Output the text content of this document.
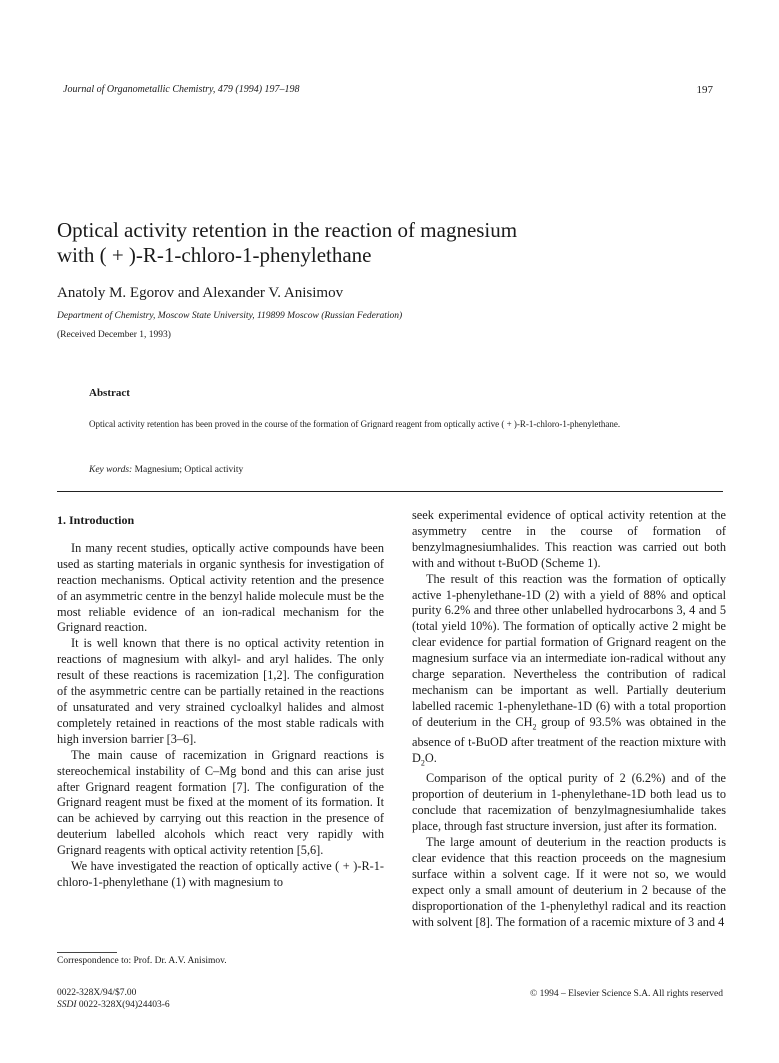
Journal of Organometallic Chemistry, 479 (1994) 197–198	197
Optical activity retention in the reaction of magnesium
with ( + )-R-1-chloro-1-phenylethane
Anatoly M. Egorov and Alexander V. Anisimov
Department of Chemistry, Moscow State University, 119899 Moscow (Russian Federation)
(Received December 1, 1993)
Abstract
Optical activity retention has been proved in the course of the formation of Grignard reagent from optically active ( + )-R-1-chloro-1-phenylethane.
Key words: Magnesium; Optical activity

1. Introduction

In many recent studies, optically active compounds have been used as starting materials in organic synthesis for investigation of reaction mechanisms. Optical activity retention and the presence of an asymmetric centre in the benzyl halide molecule must be the most reliable evidence of an ion-radical mechanism for the Grignard reaction.

It is well known that there is no optical activity retention in reactions of magnesium with alkyl- and aryl halides. The only result of these reactions is racemization [1,2]. The configuration of the asymmetric centre can be partially retained in the reactions of unsaturated and very strained cycloalkyl halides and almost completely retained in reactions of the most stable radicals with high inversion barrier [3–6].

The main cause of racemization in Grignard reactions is stereochemical instability of C–Mg bond and this can arise just after Grignard reagent formation [7]. The configuration of the Grignard reagent must be fixed at the moment of its formation. It can be achieved by carrying out this reaction in the presence of deuterium labelled alcohols which react very rapidly with Grignard reagents with optical activity retention [5,6].

We have investigated the reaction of optically active ( + )-R-1-chloro-1-phenylethane (1) with magnesium to

seek experimental evidence of optical activity retention at the asymmetry centre in the course of formation of benzylmagnesiumhalides. This reaction was carried out both with and without t-BuOD (Scheme 1).

The result of this reaction was the formation of optically active 1-phenylethane-1D (2) with a yield of 88% and optical purity 6.2% and three other unlabelled hydrocarbons 3, 4 and 5 (total yield 10%). The formation of optically active 2 might be clear evidence for partial formation of Grignard reagent on the magnesium surface via an intermediate ion-radical without any charge separation. Nevertheless the contribution of radical mechanism can be important as well. Partially deuterium labelled racemic 1-phenylethane-1D (6) with a total proportion of deuterium in the $CH_2$ group of 93.5% was obtained in the absence of t-BuOD after treatment of the reaction mixture with $D_2O$.

Comparison of the optical purity of 2 (6.2%) and of the proportion of deuterium in 1-phenylethane-1D both lead us to conclude that racemization of benzylmagnesiumhalide takes place, through fast structure inversion, just after its formation.

The large amount of deuterium in the reaction products is clear evidence that this reaction proceeds on the magnesium surface within a solvent cage. If it were not so, we would expect only a small amount of deuterium in 2 because of the disproportionation of the 1-phenylethyl radical and its reaction with solvent [8]. The formation of a racemic mixture of 3 and 4

Correspondence to: Prof. Dr. A.V. Anisimov.
0022-328X/94/$7.00
SSDI 0022-328X(94)24403-6
© 1994 – Elsevier Science S.A. All rights reserved
